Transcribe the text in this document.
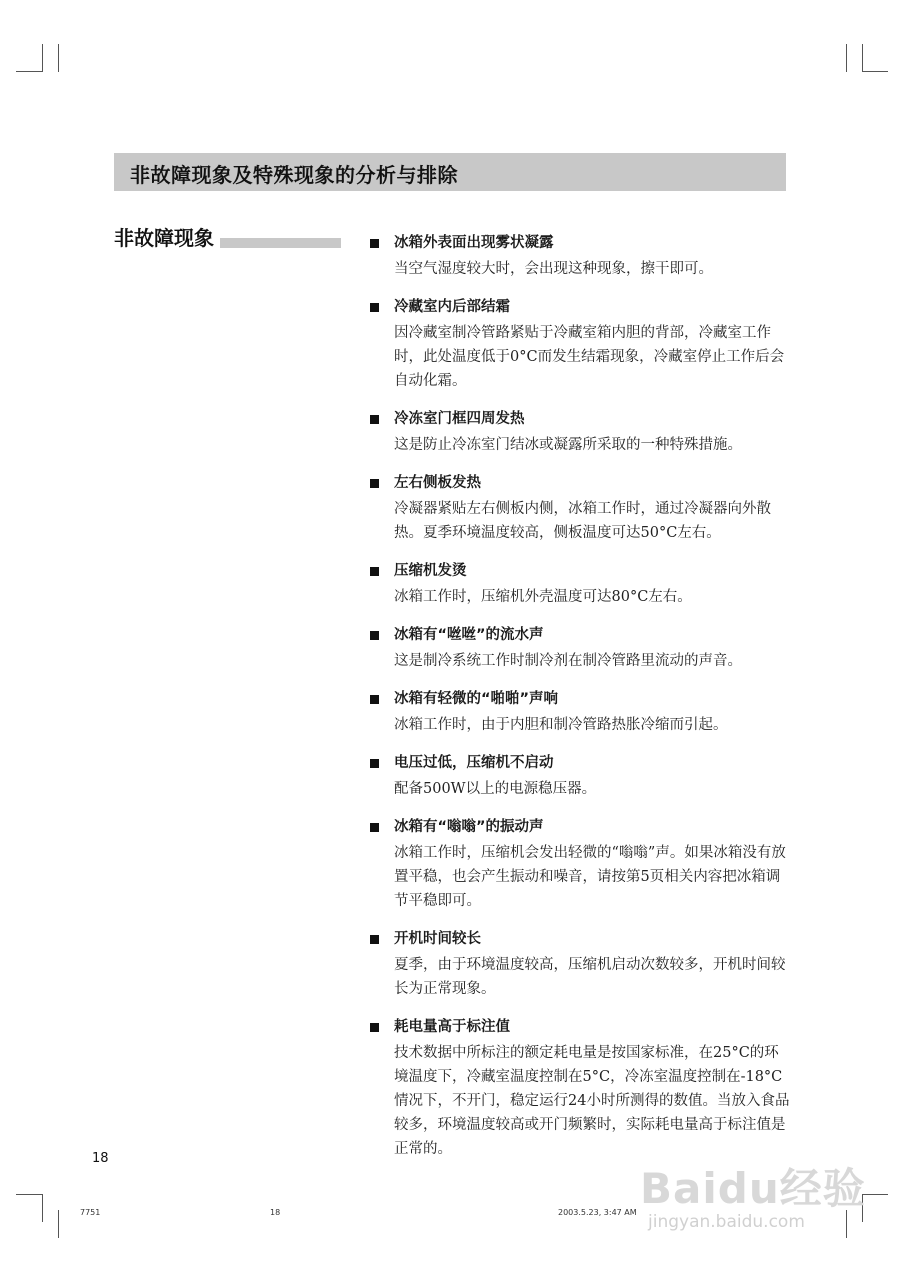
非故障现象及特殊现象的分析与排除
非故障现象	冰箱外表面出现雾状凝露
当空气湿度较大时，会出现这种现象，擦干即可。
冷藏室内后部结霜
因冷藏室制冷管路紧贴于冷藏室箱内胆的背部，冷藏室工作时，此处温度低于0°C而发生结霜现象，冷藏室停止工作后会自动化霜。
冷冻室门框四周发热
这是防止冷冻室门结冰或凝露所采取的一种特殊措施。
左右侧板发热
冷凝器紧贴左右侧板内侧，冰箱工作时，通过冷凝器向外散热。夏季环境温度较高，侧板温度可达50°C左右。
压缩机发烫
冰箱工作时，压缩机外壳温度可达80°C左右。
冰箱有“咝咝”的流水声
这是制冷系统工作时制冷剂在制冷管路里流动的声音。
冰箱有轻微的“啪啪”声响
冰箱工作时，由于内胆和制冷管路热胀冷缩而引起。
电压过低，压缩机不启动
配备500W以上的电源稳压器。
冰箱有“嗡嗡”的振动声
冰箱工作时，压缩机会发出轻微的“嗡嗡”声。如果冰箱没有放置平稳，也会产生振动和噪音，请按第5页相关内容把冰箱调节平稳即可。
开机时间较长
夏季，由于环境温度较高，压缩机启动次数较多，开机时间较长为正常现象。
耗电量高于标注值
技术数据中所标注的额定耗电量是按国家标准，在25°C的环境温度下，冷藏室温度控制在5°C，冷冻室温度控制在-18°C情况下，不开门，稳定运行24小时所测得的数值。当放入食品较多，环境温度较高或开门频繁时，实际耗电量高于标注值是正常的。
18
7751	18	2003.5.23, 3:47 AM Baidu经验
jingyan.baidu.com
